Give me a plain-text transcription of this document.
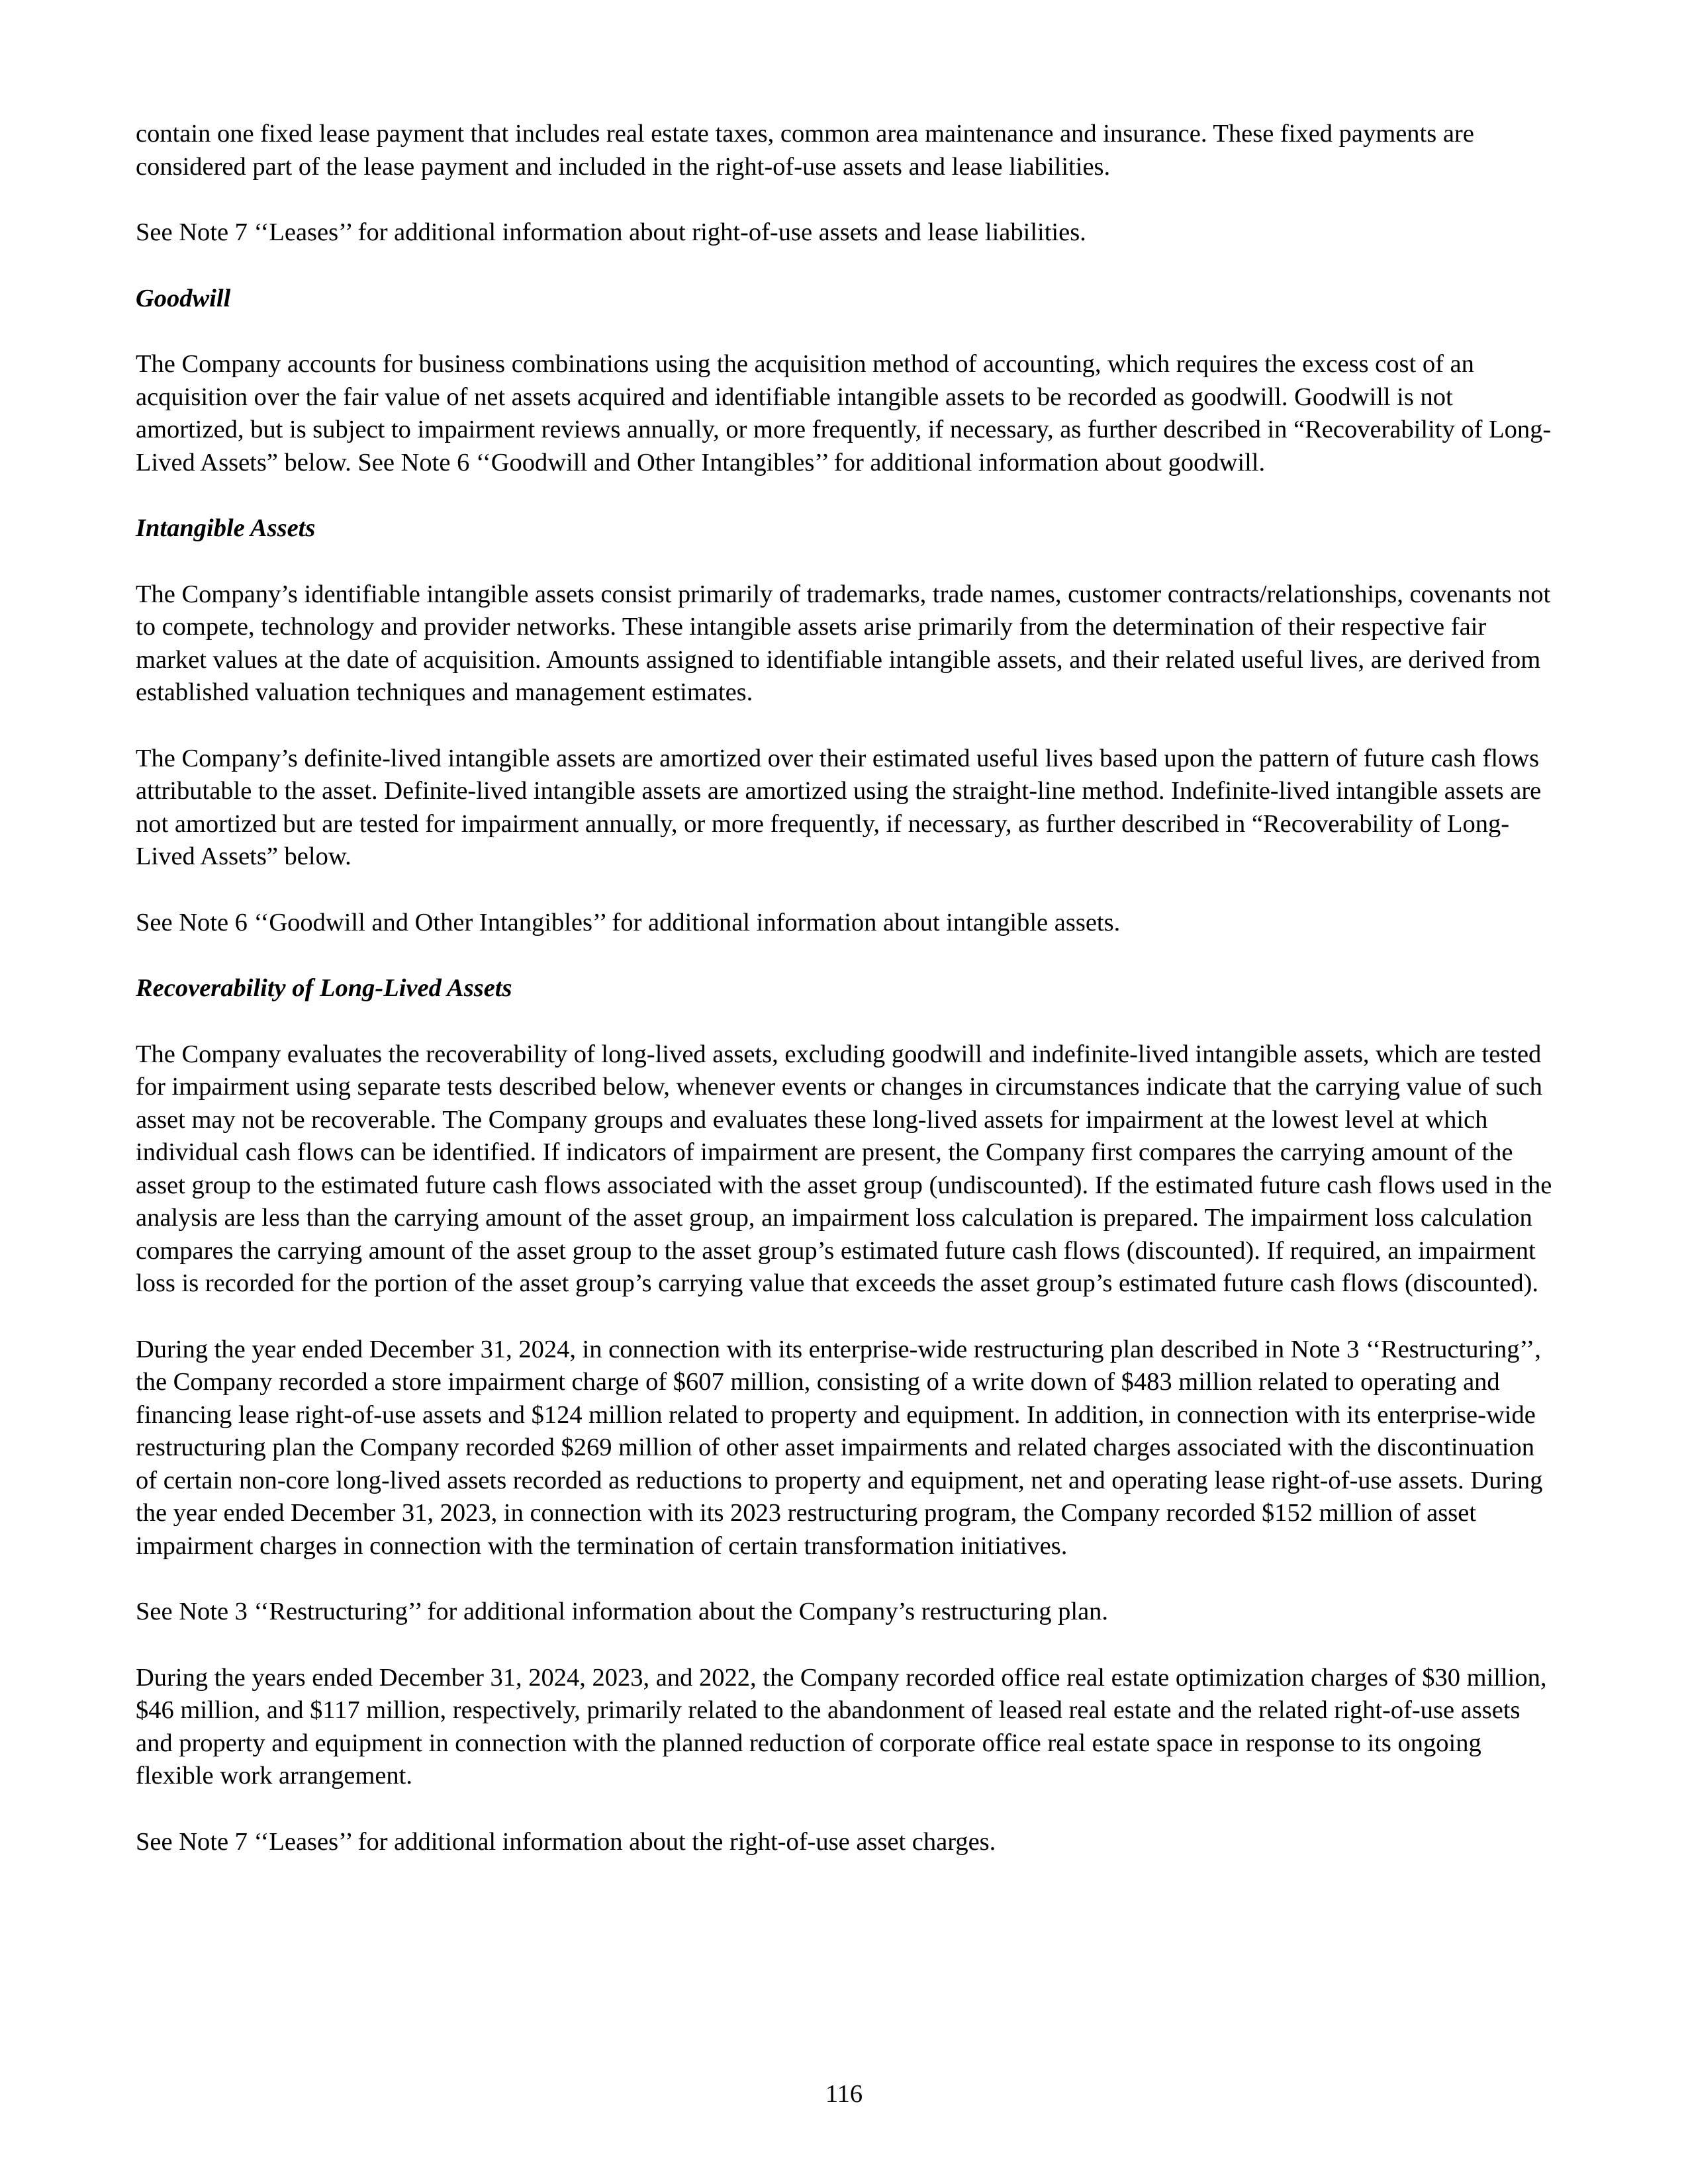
contain one fixed lease payment that includes real estate taxes, common area maintenance and insurance. These fixed payments are considered part of the lease payment and included in the right-of-use assets and lease liabilities.

See Note 7 ‘‘Leases’’ for additional information about right-of-use assets and lease liabilities.

Goodwill

The Company accounts for business combinations using the acquisition method of accounting, which requires the excess cost of an acquisition over the fair value of net assets acquired and identifiable intangible assets to be recorded as goodwill. Goodwill is not amortized, but is subject to impairment reviews annually, or more frequently, if necessary, as further described in “Recoverability of Long-Lived Assets” below. See Note 6 ‘‘Goodwill and Other Intangibles’’ for additional information about goodwill.

Intangible Assets

The Company’s identifiable intangible assets consist primarily of trademarks, trade names, customer contracts/relationships, covenants not to compete, technology and provider networks. These intangible assets arise primarily from the determination of their respective fair market values at the date of acquisition. Amounts assigned to identifiable intangible assets, and their related useful lives, are derived from established valuation techniques and management estimates.

The Company’s definite-lived intangible assets are amortized over their estimated useful lives based upon the pattern of future cash flows attributable to the asset. Definite-lived intangible assets are amortized using the straight-line method. Indefinite-lived intangible assets are not amortized but are tested for impairment annually, or more frequently, if necessary, as further described in “Recoverability of Long-Lived Assets” below.

See Note 6 ‘‘Goodwill and Other Intangibles’’ for additional information about intangible assets.

Recoverability of Long-Lived Assets

The Company evaluates the recoverability of long-lived assets, excluding goodwill and indefinite-lived intangible assets, which are tested for impairment using separate tests described below, whenever events or changes in circumstances indicate that the carrying value of such asset may not be recoverable. The Company groups and evaluates these long-lived assets for impairment at the lowest level at which individual cash flows can be identified. If indicators of impairment are present, the Company first compares the carrying amount of the asset group to the estimated future cash flows associated with the asset group (undiscounted). If the estimated future cash flows used in the analysis are less than the carrying amount of the asset group, an impairment loss calculation is prepared. The impairment loss calculation compares the carrying amount of the asset group to the asset group’s estimated future cash flows (discounted). If required, an impairment loss is recorded for the portion of the asset group’s carrying value that exceeds the asset group’s estimated future cash flows (discounted).

During the year ended December 31, 2024, in connection with its enterprise-wide restructuring plan described in Note 3 ‘‘Restructuring’’, the Company recorded a store impairment charge of $607 million, consisting of a write down of $483 million related to operating and financing lease right-of-use assets and $124 million related to property and equipment. In addition, in connection with its enterprise-wide restructuring plan the Company recorded $269 million of other asset impairments and related charges associated with the discontinuation of certain non-core long-lived assets recorded as reductions to property and equipment, net and operating lease right-of-use assets. During the year ended December 31, 2023, in connection with its 2023 restructuring program, the Company recorded $152 million of asset impairment charges in connection with the termination of certain transformation initiatives.

See Note 3 ‘‘Restructuring’’ for additional information about the Company’s restructuring plan.

During the years ended December 31, 2024, 2023, and 2022, the Company recorded office real estate optimization charges of $30 million, $46 million, and $117 million, respectively, primarily related to the abandonment of leased real estate and the related right-of-use assets and property and equipment in connection with the planned reduction of corporate office real estate space in response to its ongoing flexible work arrangement.

See Note 7 ‘‘Leases’’ for additional information about the right-of-use asset charges.

116
